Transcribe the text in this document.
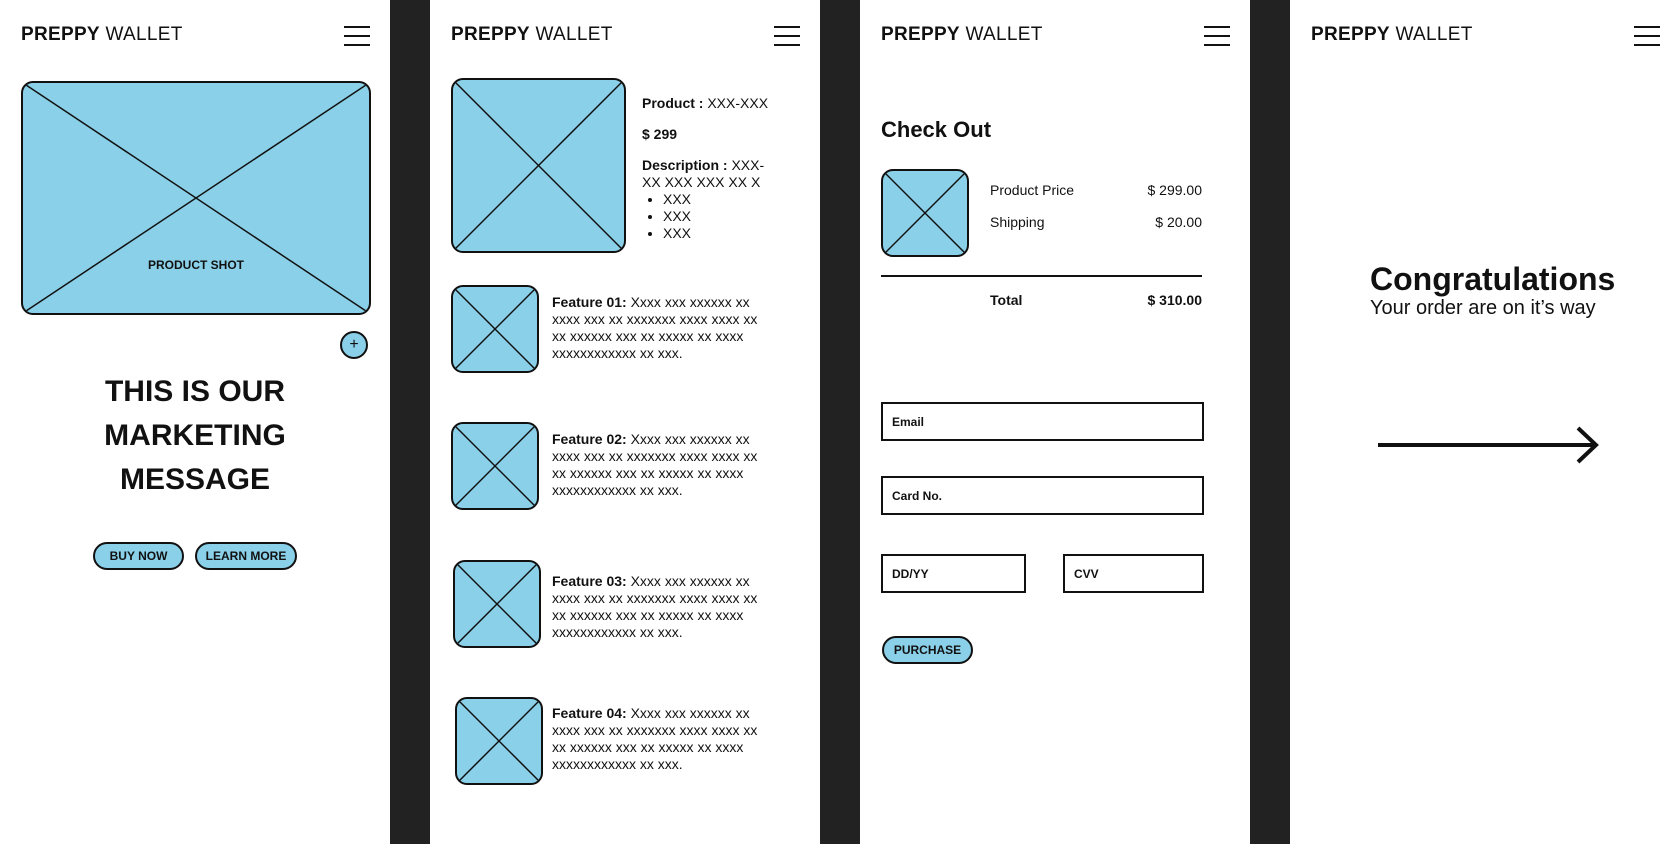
PREPPY WALLET
PRODUCT SHOT
+
THIS IS OUR
MARKETING
MESSAGE
BUY NOW	LEARN MORE
PREPPY WALLET
Product : XXX-XXX
$ 299
Description : XXX-XX XXX XXX XX X
• XXX
• XXX
• XXX
Feature 01: Xxxx xxx xxxxxx xx xxxx xxx xx xxxxxxx xxxx xxxx xx xx xxxxxx xxx xx xxxxx xx xxxx xxxxxxxxxxxx xx xxx.
Feature 02: Xxxx xxx xxxxxx xx xxxx xxx xx xxxxxxx xxxx xxxx xx xx xxxxxx xxx xx xxxxx xx xxxx xxxxxxxxxxxx xx xxx.
Feature 03: Xxxx xxx xxxxxx xx xxxx xxx xx xxxxxxx xxxx xxxx xx xx xxxxxx xxx xx xxxxx xx xxxx xxxxxxxxxxxx xx xxx.
Feature 04: Xxxx xxx xxxxxx xx xxxx xxx xx xxxxxxx xxxx xxxx xx xx xxxxxx xxx xx xxxxx xx xxxx xxxxxxxxxxxx xx xxx.
PREPPY WALLET
Check Out
Product Price	$ 299.00
Shipping	$ 20.00
Total	$ 310.00
Email
Card No.
DD/YY	CVV
PURCHASE
PREPPY WALLET
Congratulations
Your order are on it’s way
